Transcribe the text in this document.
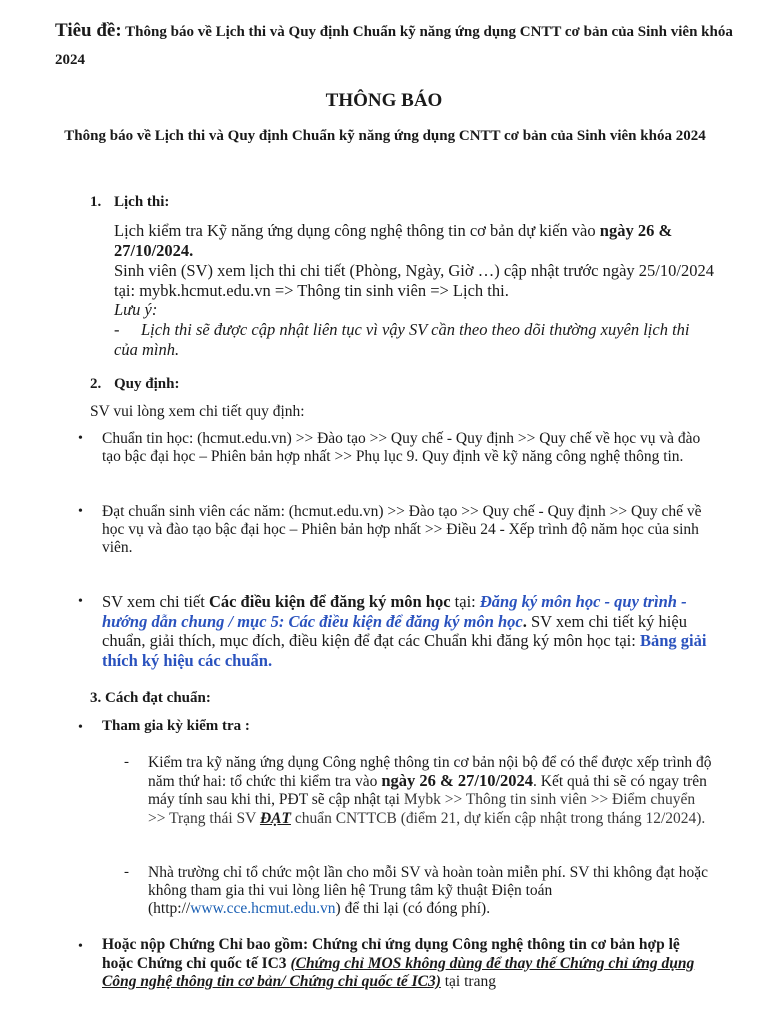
Tiêu đề: Thông báo về Lịch thi và Quy định Chuẩn kỹ năng ứng dụng CNTT cơ bản của Sinh viên khóa 2024
THÔNG BÁO
Thông báo về Lịch thi và Quy định Chuẩn kỹ năng ứng dụng CNTT cơ bản của Sinh viên khóa 2024
1. Lịch thi:
Lịch kiểm tra Kỹ năng ứng dụng công nghệ thông tin cơ bản dự kiến vào ngày 26 & 27/10/2024.
Sinh viên (SV) xem lịch thi chi tiết (Phòng, Ngày, Giờ …) cập nhật trước ngày 25/10/2024 tại: mybk.hcmut.edu.vn => Thông tin sinh viên => Lịch thi.
Lưu ý:
-	Lịch thi sẽ được cập nhật liên tục vì vậy SV cần theo theo dõi thường xuyên lịch thi của mình.
2. Quy định:
SV vui lòng xem chi tiết quy định:
• Chuẩn tin học: (hcmut.edu.vn) >> Đào tạo >> Quy chế - Quy định >> Quy chế về học vụ và đào tạo bậc đại học – Phiên bản hợp nhất >> Phụ lục 9. Quy định về kỹ năng công nghệ thông tin.
• Đạt chuẩn sinh viên các năm: (hcmut.edu.vn) >> Đào tạo >> Quy chế - Quy định >> Quy chế về học vụ và đào tạo bậc đại học – Phiên bản hợp nhất >> Điều 24 - Xếp trình độ năm học của sinh viên.
• SV xem chi tiết Các điều kiện để đăng ký môn học tại: Đăng ký môn học - quy trình - hướng dẫn chung / mục 5: Các điều kiện để đăng ký môn học. SV xem chi tiết ký hiệu chuẩn, giải thích, mục đích, điều kiện để đạt các Chuẩn khi đăng ký môn học tại: Bảng giải thích ký hiệu các chuẩn.
3. Cách đạt chuẩn:
• Tham gia kỳ kiểm tra :
- Kiểm tra kỹ năng ứng dụng Công nghệ thông tin cơ bản nội bộ để có thể được xếp trình độ năm thứ hai: tổ chức thi kiểm tra vào ngày 26 & 27/10/2024. Kết quả thi sẽ có ngay trên máy tính sau khi thi, PĐT sẽ cập nhật tại Mybk >> Thông tin sinh viên >> Điểm chuyển >> Trạng thái SV ĐẠT chuẩn CNTTCB (điểm 21, dự kiến cập nhật trong tháng 12/2024).
- Nhà trường chỉ tổ chức một lần cho mỗi SV và hoàn toàn miễn phí. SV thi không đạt hoặc không tham gia thi vui lòng liên hệ Trung tâm kỹ thuật Điện toán (http://www.cce.hcmut.edu.vn) để thi lại (có đóng phí).
• Hoặc nộp Chứng Chỉ bao gồm: Chứng chỉ ứng dụng Công nghệ thông tin cơ bản hợp lệ hoặc Chứng chỉ quốc tế IC3 (Chứng chỉ MOS không dùng để thay thế Chứng chỉ ứng dụng Công nghệ thông tin cơ bản/ Chứng chỉ quốc tế IC3) tại trang
